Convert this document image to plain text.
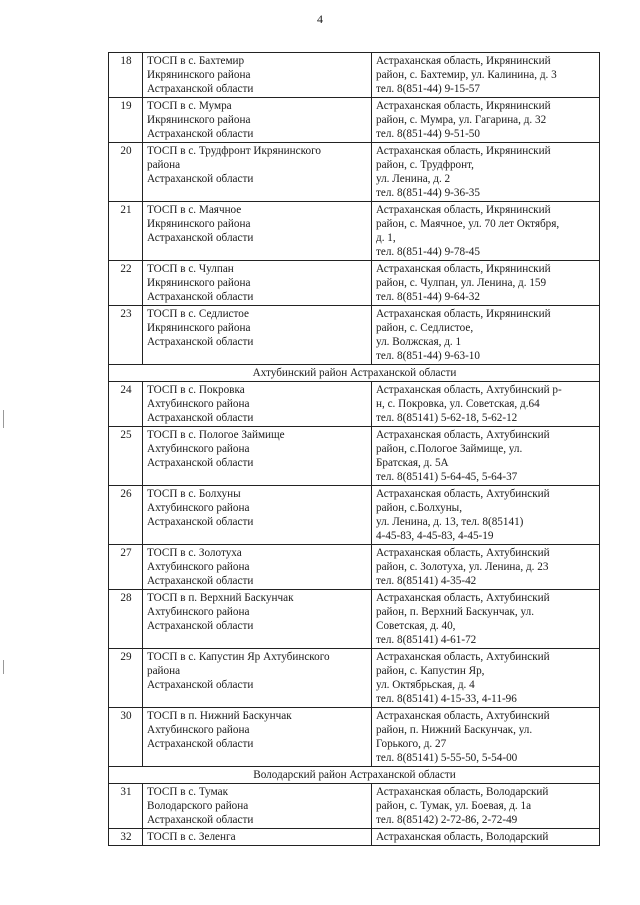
4
18	ТОСП в с. Бахтемир
Икрянинского района
Астраханской области	Астраханская область, Икрянинский
район, с. Бахтемир, ул. Калинина, д. 3
тел. 8(851-44) 9-15-57

19	ТОСП в с. Мумра
Икрянинского района
Астраханской области	Астраханская область, Икрянинский
район, с. Мумра, ул. Гагарина, д. 32
тел. 8(851-44) 9-51-50

20	ТОСП в с. Трудфронт Икрянинского
района
Астраханской области	Астраханская область, Икрянинский
район, с. Трудфронт,
ул. Ленина, д. 2
тел. 8(851-44) 9-36-35

21	ТОСП в с. Маячное
Икрянинского района
Астраханской области	Астраханская область, Икрянинский
район, с. Маячное, ул. 70 лет Октября,
д. 1,
тел. 8(851-44) 9-78-45

22	ТОСП в с. Чулпан
Икрянинского района
Астраханской области	Астраханская область, Икрянинский
район, с. Чулпан, ул. Ленина, д. 159
тел. 8(851-44) 9-64-32

23	ТОСП в с. Седлистое
Икрянинского района
Астраханской области	Астраханская область, Икрянинский
район, с. Седлистое,
ул. Волжская, д. 1
тел. 8(851-44) 9-63-10

Ахтубинский район Астраханской области		
24	ТОСП в с. Покровка
Ахтубинского района
Астраханской области	Астраханская область, Ахтубинский р-
н, с. Покровка, ул. Советская, д.64
тел. 8(85141) 5-62-18, 5-62-12

25	ТОСП в с. Пологое Займище
Ахтубинского района
Астраханской области	Астраханская область, Ахтубинский
район, с.Пологое Займище, ул.
Братская, д. 5А
тел. 8(85141) 5-64-45, 5-64-37

26	ТОСП в с. Болхуны
Ахтубинского района
Астраханской области	Астраханская область, Ахтубинский
район, с.Болхуны,
ул. Ленина, д. 13, тел. 8(85141)
4-45-83, 4-45-83, 4-45-19

27	ТОСП в с. Золотуха
Ахтубинского района
Астраханской области	Астраханская область, Ахтубинский
район, с. Золотуха, ул. Ленина, д. 23
тел. 8(85141) 4-35-42

28	ТОСП в п. Верхний Баскунчак
Ахтубинского района
Астраханской области	Астраханская область, Ахтубинский
район, п. Верхний Баскунчак, ул.
Советская, д. 40,
тел. 8(85141) 4-61-72

29	ТОСП в с. Капустин Яр Ахтубинского
района
Астраханской области	Астраханская область, Ахтубинский
район, с. Капустин Яр,
ул. Октябрьская, д. 4
тел. 8(85141) 4-15-33, 4-11-96

30	ТОСП в п. Нижний Баскунчак
Ахтубинского района
Астраханской области	Астраханская область, Ахтубинский
район, п. Нижний Баскунчак, ул.
Горького, д. 27
тел. 8(85141) 5-55-50, 5-54-00

Володарский район Астраханской области		
31	ТОСП в с. Тумак
Володарского района
Астраханской области	Астраханская область, Володарский
район, с. Тумак, ул. Боевая, д. 1а
тел. 8(85142) 2-72-86, 2-72-49

32	ТОСП в с. Зеленга	Астраханская область, Володарский
